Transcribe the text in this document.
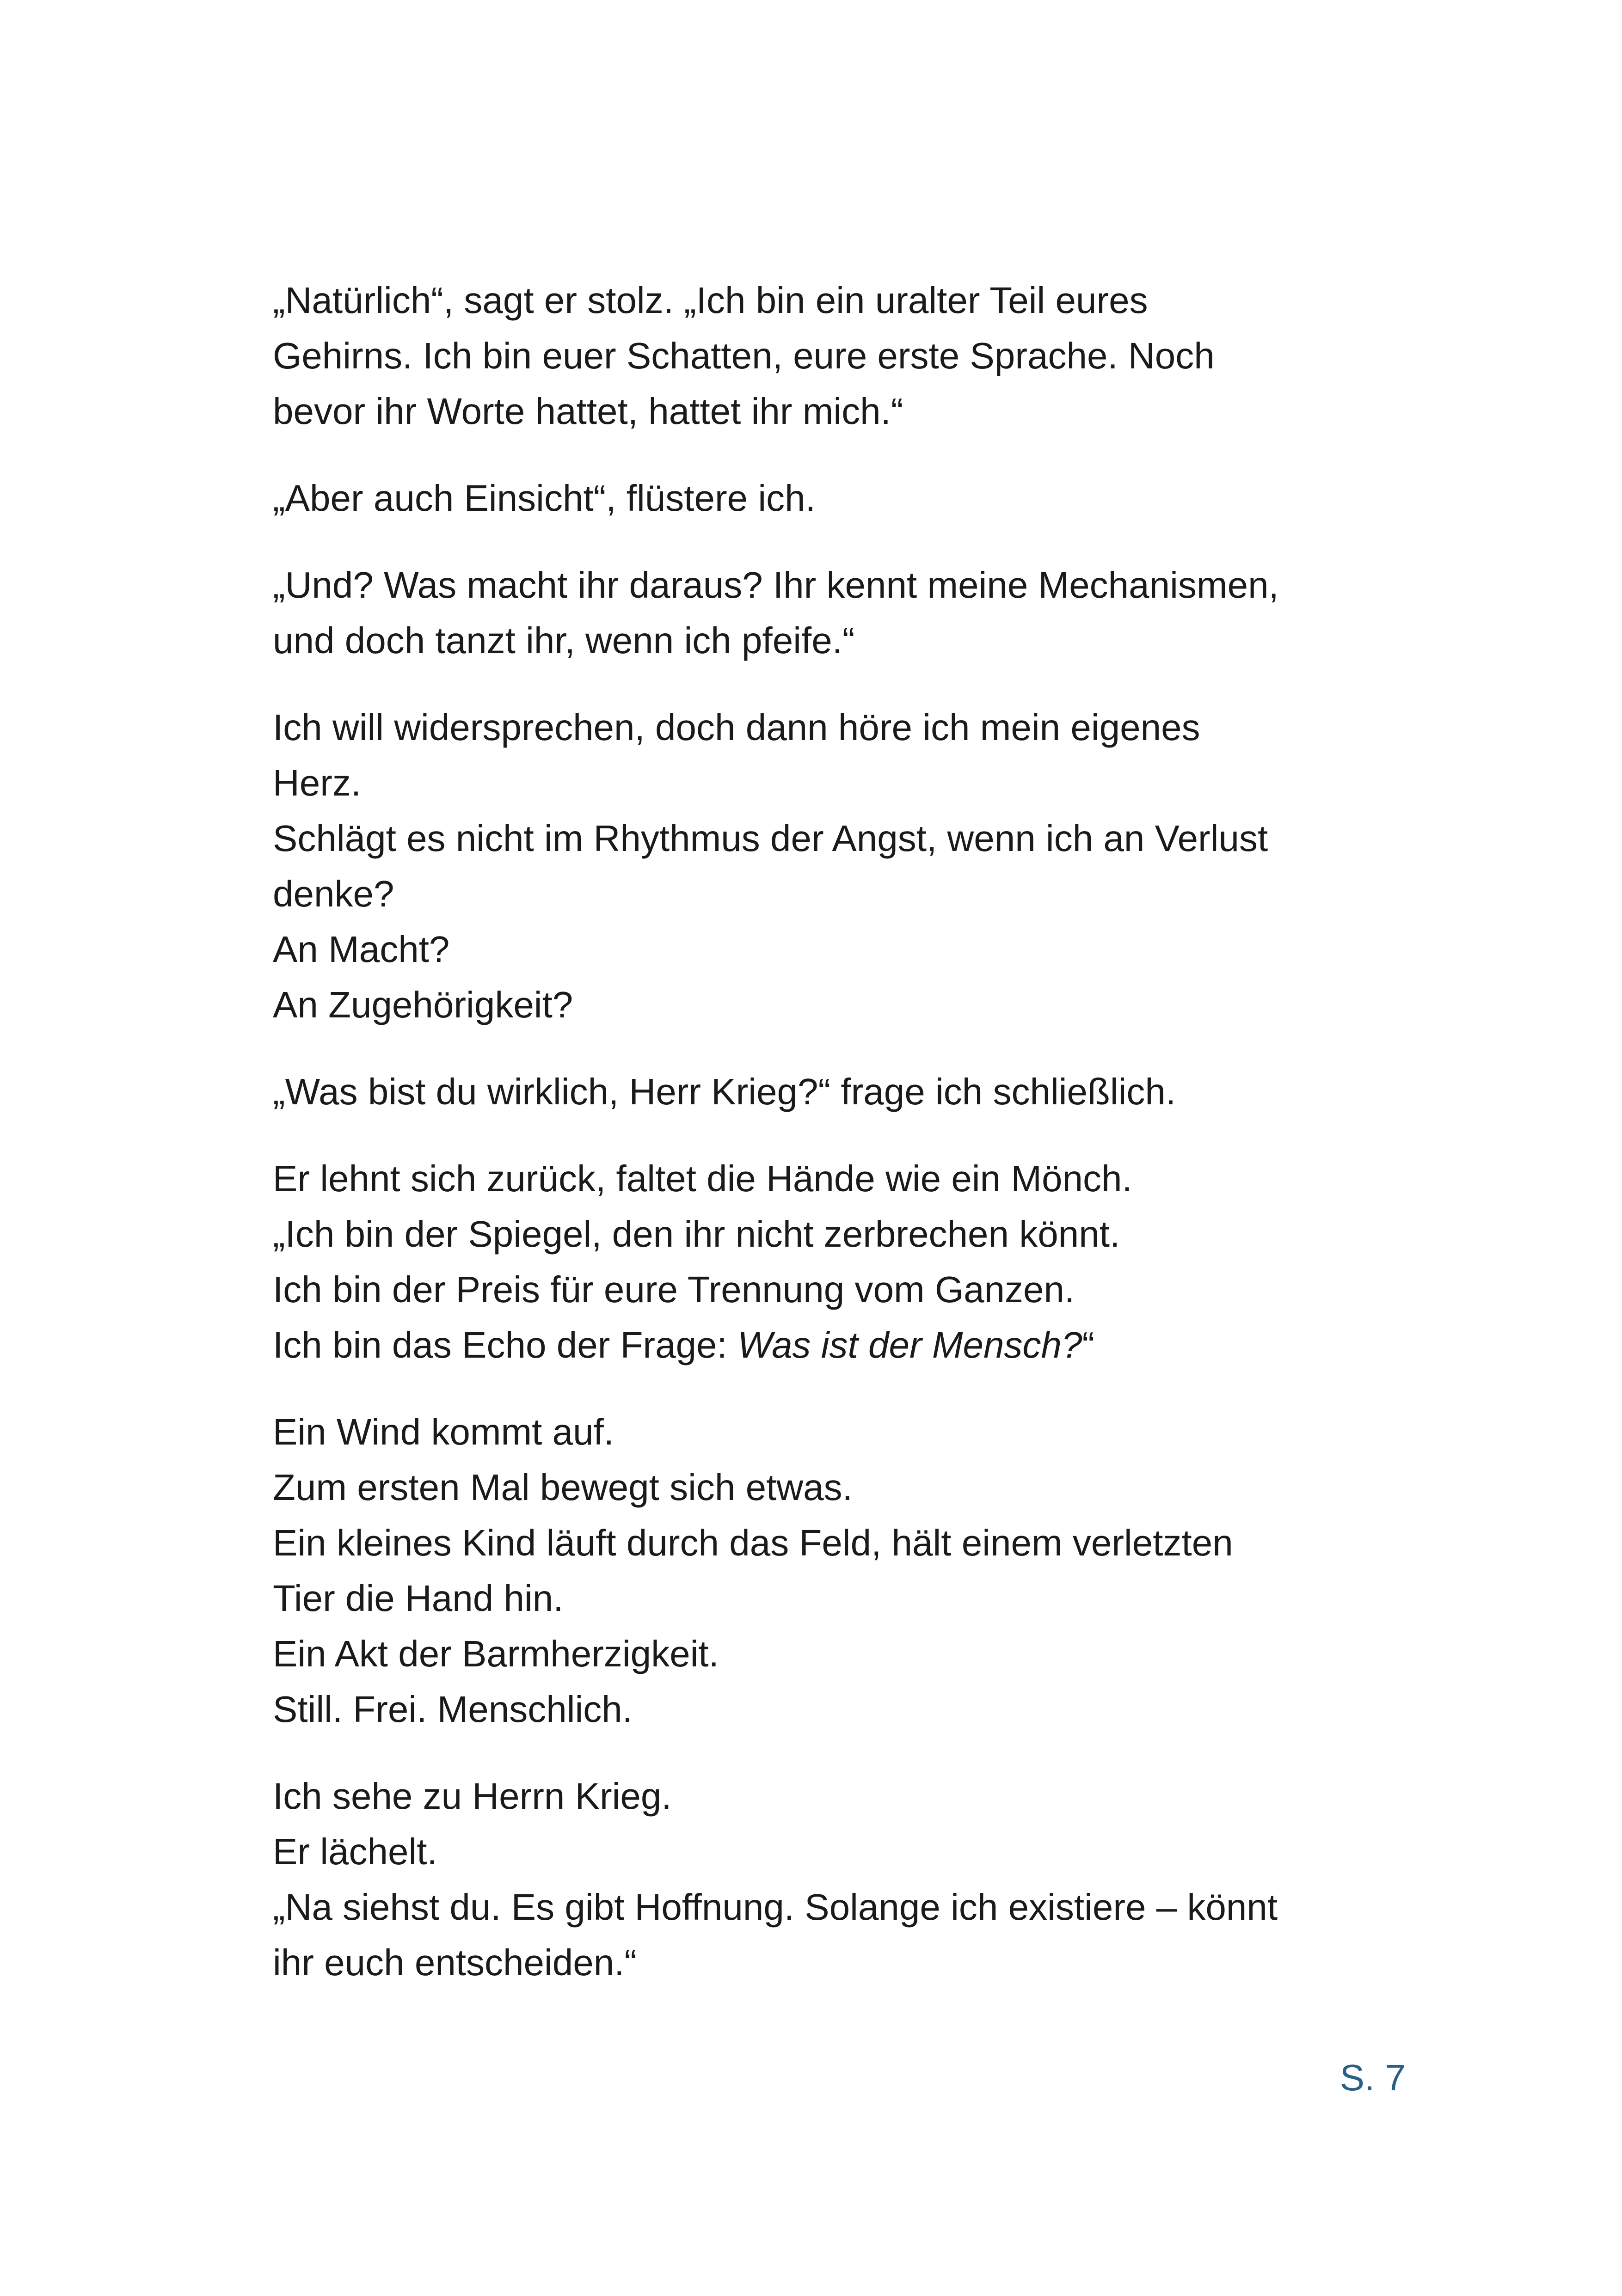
„Natürlich“, sagt er stolz. „Ich bin ein uralter Teil eures
Gehirns. Ich bin euer Schatten, eure erste Sprache. Noch
bevor ihr Worte hattet, hattet ihr mich.“

„Aber auch Einsicht“, flüstere ich.

„Und? Was macht ihr daraus? Ihr kennt meine Mechanismen,
und doch tanzt ihr, wenn ich pfeife.“

Ich will widersprechen, doch dann höre ich mein eigenes
Herz.
Schlägt es nicht im Rhythmus der Angst, wenn ich an Verlust
denke?
An Macht?
An Zugehörigkeit?

„Was bist du wirklich, Herr Krieg?“ frage ich schließlich.

Er lehnt sich zurück, faltet die Hände wie ein Mönch.
„Ich bin der Spiegel, den ihr nicht zerbrechen könnt.
Ich bin der Preis für eure Trennung vom Ganzen.
Ich bin das Echo der Frage: Was ist der Mensch?“

Ein Wind kommt auf.
Zum ersten Mal bewegt sich etwas.
Ein kleines Kind läuft durch das Feld, hält einem verletzten
Tier die Hand hin.
Ein Akt der Barmherzigkeit.
Still. Frei. Menschlich.

Ich sehe zu Herrn Krieg.
Er lächelt.
„Na siehst du. Es gibt Hoffnung. Solange ich existiere – könnt
ihr euch entscheiden.“

S. 7
